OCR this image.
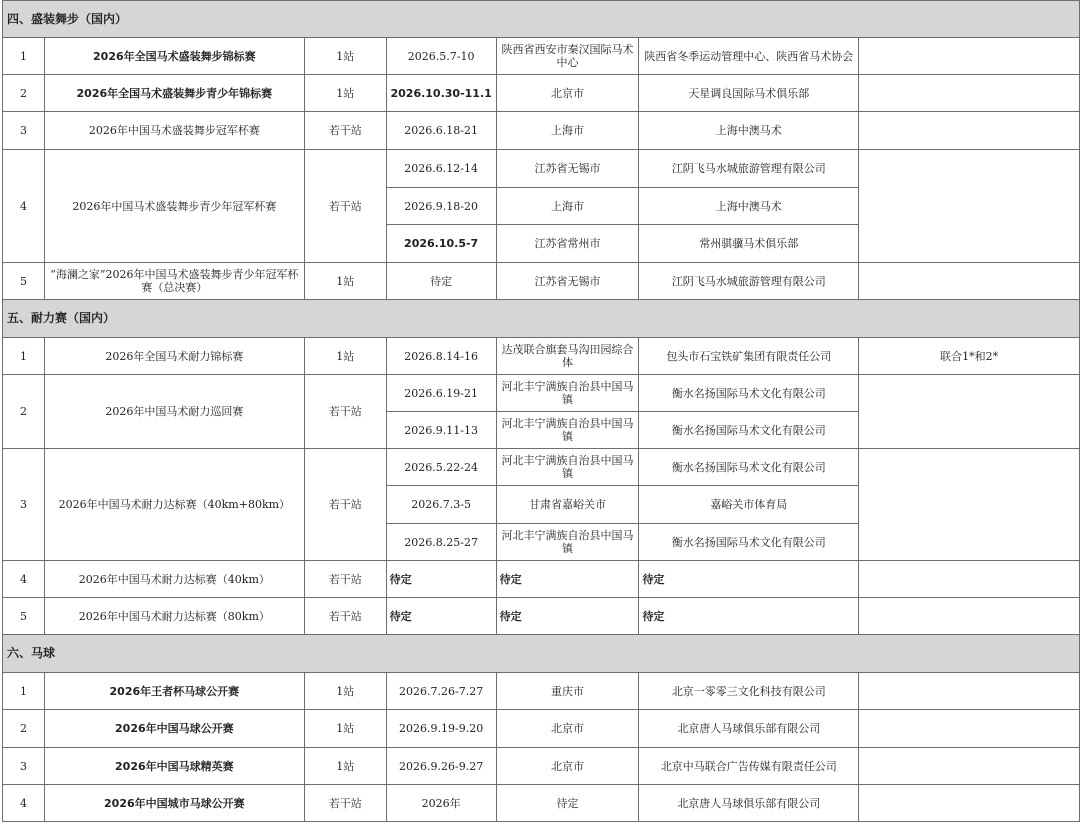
四、盛装舞步（国内）						
1	2026年全国马术盛装舞步锦标赛	1站	2026.5.7-10	陕西省西安市秦汉国际马术中心	陕西省冬季运动管理中心、陕西省马术协会	
2	2026年全国马术盛装舞步青少年锦标赛	1站	2026.10.30-11.1	北京市	天星调良国际马术俱乐部	
3	2026年中国马术盛装舞步冠军杯赛	若干站	2026.6.18-21	上海市	上海中澳马术	
4	2026年中国马术盛装舞步青少年冠军杯赛	若干站	2026.6.12-14	江苏省无锡市	江阴飞马水城旅游管理有限公司	
			2026.9.18-20	上海市	上海中澳马术	
			2026.10.5-7	江苏省常州市	常州骐骥马术俱乐部	
5	“海澜之家”2026年中国马术盛装舞步青少年冠军杯赛（总决赛）	1站	待定	江苏省无锡市	江阴飞马水城旅游管理有限公司	
五、耐力赛（国内）						
1	2026年全国马术耐力锦标赛	1站	2026.8.14-16	达茂联合旗套马沟田园综合体	包头市石宝铁矿集团有限责任公司	联合1*和2*
2	2026年中国马术耐力巡回赛	若干站	2026.6.19-21	河北丰宁满族自治县中国马镇	衡水名扬国际马术文化有限公司	
			2026.9.11-13	河北丰宁满族自治县中国马镇	衡水名扬国际马术文化有限公司	
3	2026年中国马术耐力达标赛（40km+80km）	若干站	2026.5.22-24	河北丰宁满族自治县中国马镇	衡水名扬国际马术文化有限公司	
			2026.7.3-5	甘肃省嘉峪关市	嘉峪关市体育局	
			2026.8.25-27	河北丰宁满族自治县中国马镇	衡水名扬国际马术文化有限公司	
4	2026年中国马术耐力达标赛（40km）	若干站	待定	待定	待定	
5	2026年中国马术耐力达标赛（80km）	若干站	待定	待定	待定	
六、马球						
1	2026年王者杯马球公开赛	1站	2026.7.26-7.27	重庆市	北京一零零三文化科技有限公司	
2	2026年中国马球公开赛	1站	2026.9.19-9.20	北京市	北京唐人马球俱乐部有限公司	
3	2026年中国马球精英赛	1站	2026.9.26-9.27	北京市	北京中马联合广告传媒有限责任公司	
4	2026年中国城市马球公开赛	若干站	2026年	待定	北京唐人马球俱乐部有限公司	
